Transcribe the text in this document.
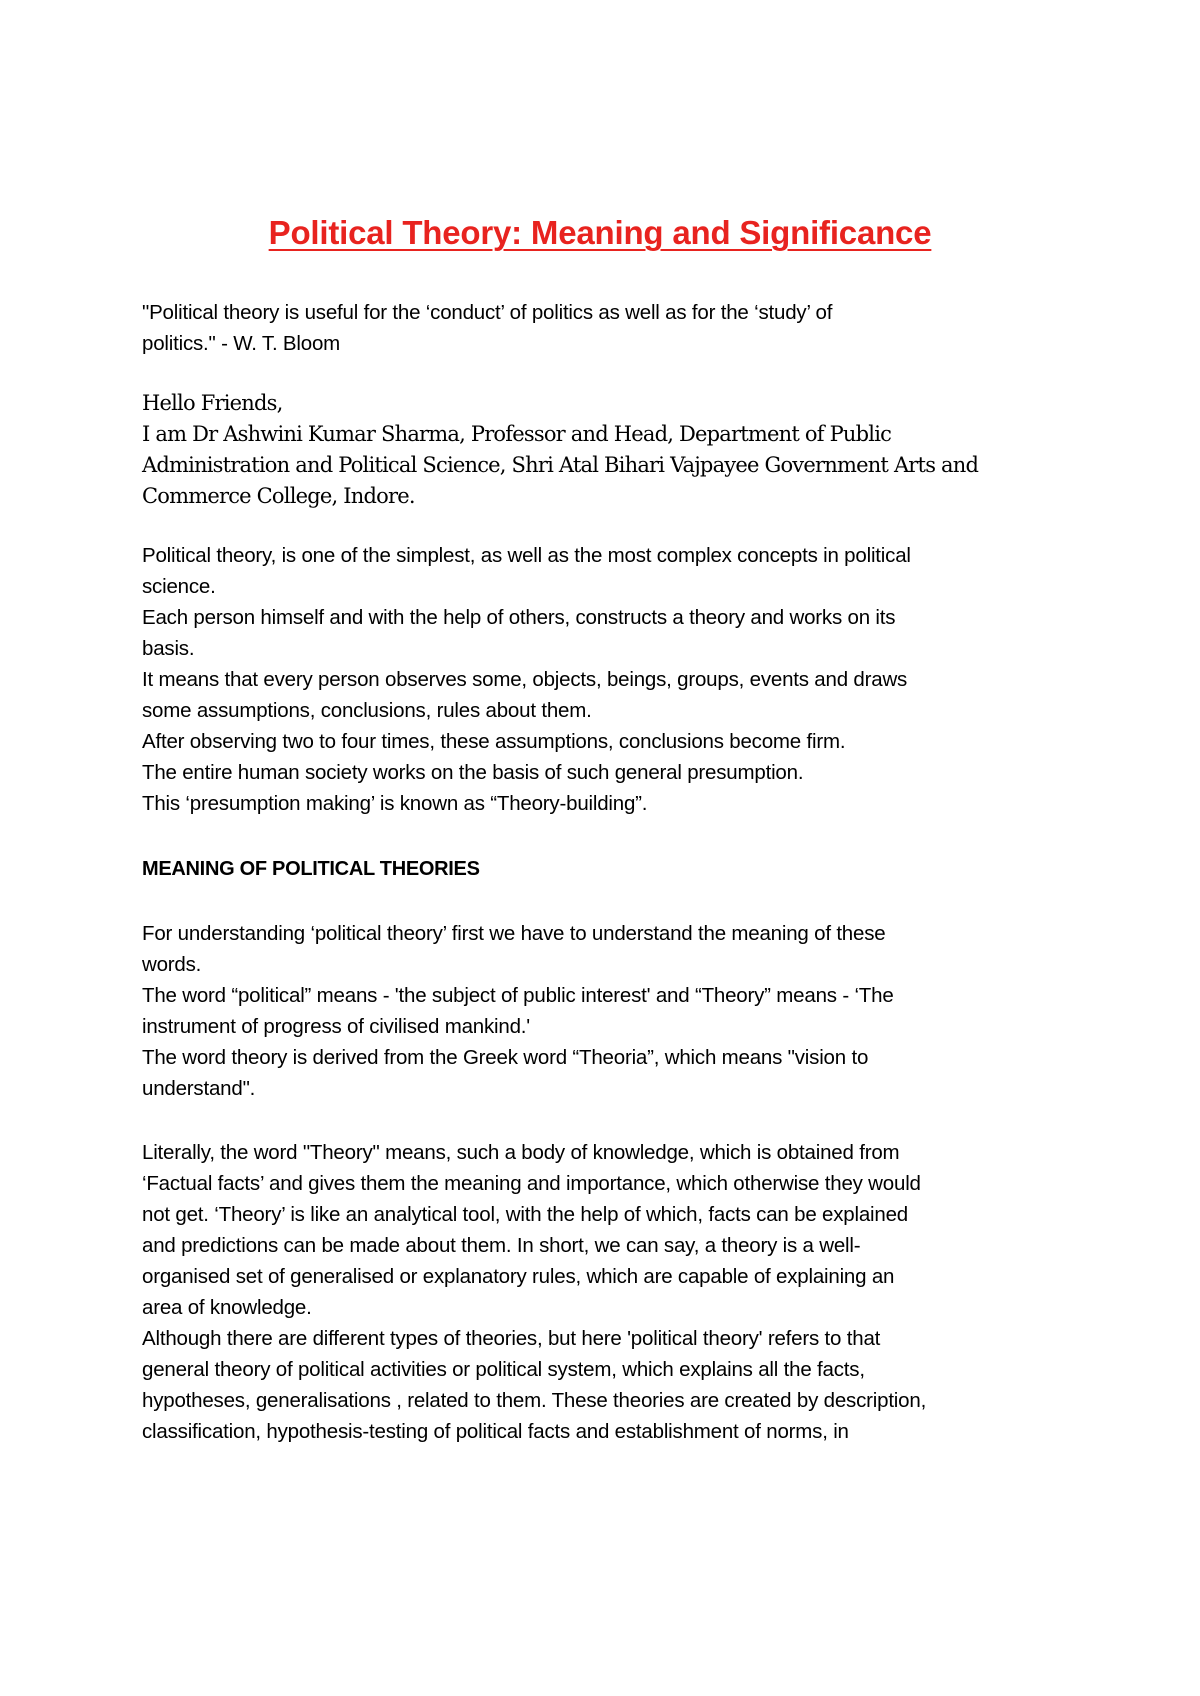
Political Theory: Meaning and Significance

"Political theory is useful for the ‘conduct’ of politics as well as for the ‘study’ of
politics." - W. T. Bloom

Hello Friends,
I am Dr Ashwini Kumar Sharma, Professor and Head, Department of Public
Administration and Political Science, Shri Atal Bihari Vajpayee Government Arts and
Commerce College, Indore.

Political theory, is one of the simplest, as well as the most complex concepts in political
science.
Each person himself and with the help of others, constructs a theory and works on its
basis.
It means that every person observes some, objects, beings, groups, events and draws
some assumptions, conclusions, rules about them.
After observing two to four times, these assumptions, conclusions become firm.
The entire human society works on the basis of such general presumption.
This ‘presumption making’ is known as “Theory-building”.

MEANING OF POLITICAL THEORIES

For understanding ‘political theory’ first we have to understand the meaning of these
words.
The word “political” means - 'the subject of public interest' and “Theory” means - ‘The
instrument of progress of civilised mankind.'
The word theory is derived from the Greek word “Theoria”, which means "vision to
understand".

Literally, the word "Theory" means, such a body of knowledge, which is obtained from
‘Factual facts’ and gives them the meaning and importance, which otherwise they would
not get. ‘Theory’ is like an analytical tool, with the help of which, facts can be explained
and predictions can be made about them. In short, we can say, a theory is a well-
organised set of generalised or explanatory rules, which are capable of explaining an
area of knowledge.
Although there are different types of theories, but here 'political theory' refers to that
general theory of political activities or political system, which explains all the facts,
hypotheses, generalisations , related to them. These theories are created by description,
classification, hypothesis-testing of political facts and establishment of norms, in
